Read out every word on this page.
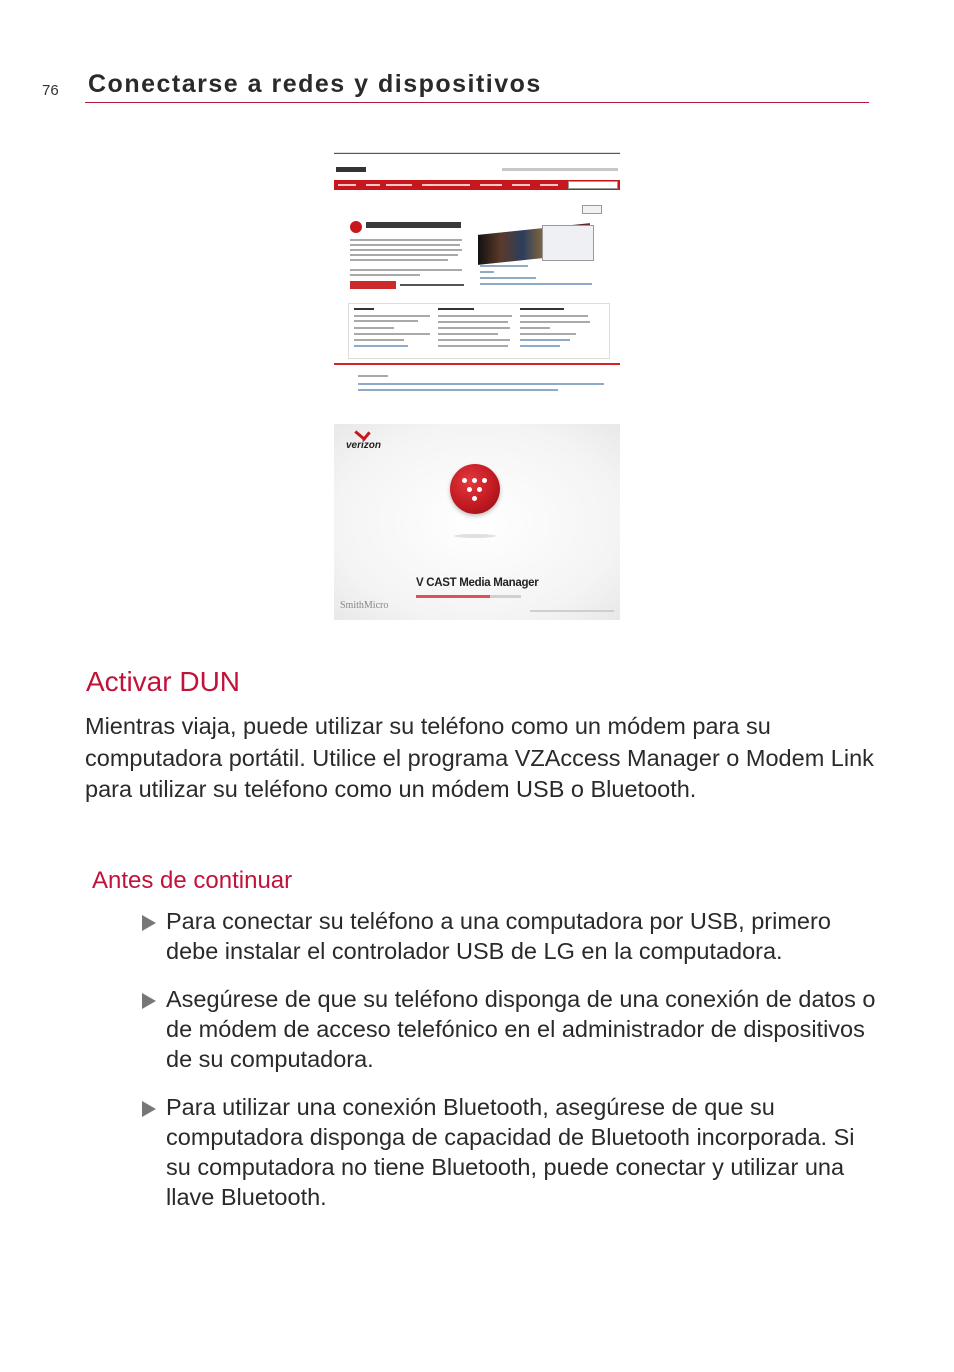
76 Conectarse a redes y dispositivos
verizon
V CAST Media Manager
SmithMicro
Activar DUN

Mientras viaja, puede utilizar su teléfono como un módem para su computadora portátil. Utilice el programa VZAccess Manager o Modem Link para utilizar su teléfono como un módem USB o Bluetooth.

Antes de continuar
Para conectar su teléfono a una computadora por USB, primero debe instalar el controlador USB de LG en la computadora.
Asegúrese de que su teléfono disponga de una conexión de datos o de módem de acceso telefónico en el administrador de dispositivos de su computadora.
Para utilizar una conexión Bluetooth, asegúrese de que su computadora disponga de capacidad de Bluetooth incorporada. Si su computadora no tiene Bluetooth, puede conectar y utilizar una llave Bluetooth.
